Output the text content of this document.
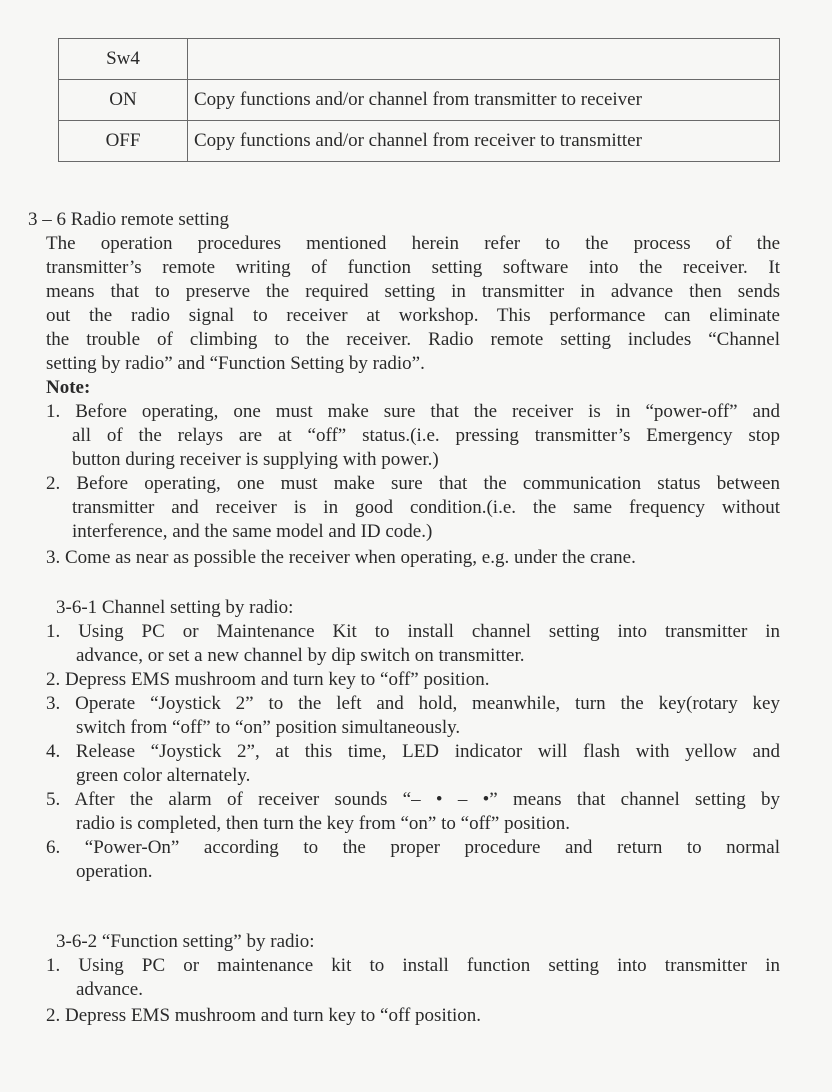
Sw4	
ON	Copy functions and/or channel from transmitter to receiver
OFF	Copy functions and/or channel from receiver to transmitter
3 – 6 Radio remote setting
The operation procedures mentioned herein refer to the process of the
transmitter’s remote writing of function setting software into the receiver. It
means that to preserve the required setting in transmitter in advance then sends
out the radio signal to receiver at workshop. This performance can eliminate
the trouble of climbing to the receiver. Radio remote setting includes “Channel
setting by radio” and “Function Setting by radio”.
Note:
1. Before operating, one must make sure that the receiver is in “power-off” and
all of the relays are at “off” status.(i.e. pressing transmitter’s Emergency stop
button during receiver is supplying with power.)
2. Before operating, one must make sure that the communication status between
transmitter and receiver is in good condition.(i.e. the same frequency without
interference, and the same model and ID code.)
3. Come as near as possible the receiver when operating, e.g. under the crane.
3-6-1 Channel setting by radio:
1. Using PC or Maintenance Kit to install channel setting into transmitter in
advance, or set a new channel by dip switch on transmitter.
2. Depress EMS mushroom and turn key to “off” position.
3. Operate “Joystick 2” to the left and hold, meanwhile, turn the key(rotary key
switch from “off” to “on” position simultaneously.
4. Release “Joystick 2”, at this time, LED indicator will flash with yellow and
green color alternately.
5. After the alarm of receiver sounds “– • – •” means that channel setting by
radio is completed, then turn the key from “on” to “off” position.
6. “Power-On” according to the proper procedure and return to normal
operation.
3-6-2 “Function setting” by radio:
1. Using PC or maintenance kit to install function setting into transmitter in
advance.
2. Depress EMS mushroom and turn key to “off position.
